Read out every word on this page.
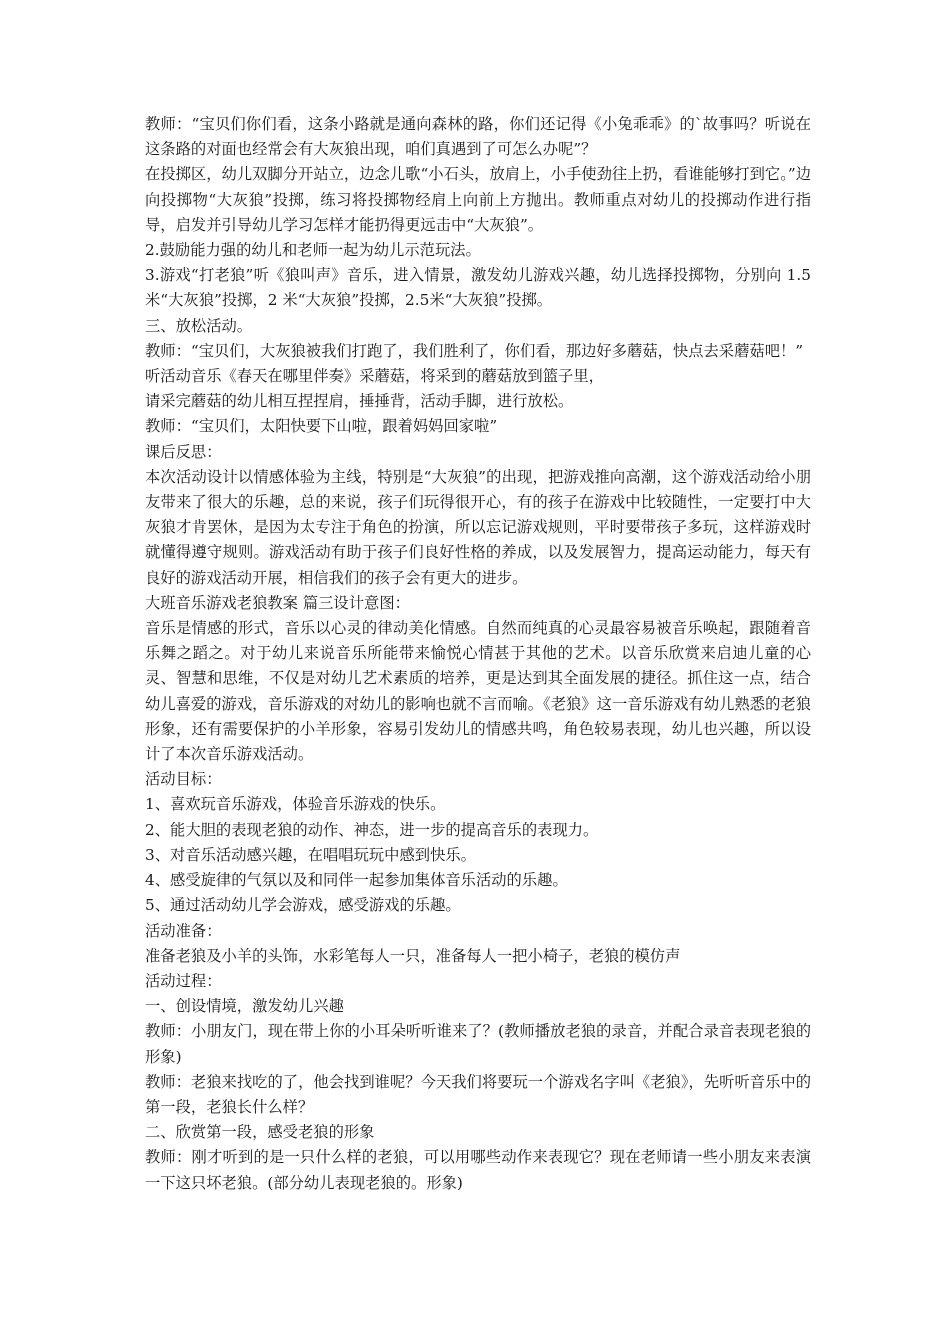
教师：“宝贝们你们看，这条小路就是通向森林的路，你们还记得《小兔乖乖》的`故事吗？听说在这条路的对面也经常会有大灰狼出现，咱们真遇到了可怎么办呢”？

在投掷区，幼儿双脚分开站立，边念儿歌“小石头，放肩上，小手使劲往上扔，看谁能够打到它。”边向投掷物“大灰狼”投掷，练习将投掷物经肩上向前上方抛出。教师重点对幼儿的投掷动作进行指导，启发并引导幼儿学习怎样才能扔得更远击中“大灰狼”。

2.鼓励能力强的幼儿和老师一起为幼儿示范玩法。

3.游戏“打老狼”听《狼叫声》音乐，进入情景，激发幼儿游戏兴趣，幼儿选择投掷物，分别向 1.5米“大灰狼”投掷，2 米“大灰狼”投掷，2.5米“大灰狼”投掷。

三、放松活动。

教师：“宝贝们，大灰狼被我们打跑了，我们胜利了，你们看，那边好多蘑菇，快点去采蘑菇吧！”

听活动音乐《春天在哪里伴奏》采蘑菇，将采到的蘑菇放到篮子里，

请采完蘑菇的幼儿相互捏捏肩，捶捶背，活动手脚，进行放松。

教师：“宝贝们，太阳快要下山啦，跟着妈妈回家啦”

课后反思：

本次活动设计以情感体验为主线，特别是“大灰狼”的出现，把游戏推向高潮，这个游戏活动给小朋友带来了很大的乐趣，总的来说，孩子们玩得很开心，有的孩子在游戏中比较随性，一定要打中大灰狼才肯罢休，是因为太专注于角色的扮演，所以忘记游戏规则，平时要带孩子多玩，这样游戏时就懂得遵守规则。游戏活动有助于孩子们良好性格的养成，以及发展智力，提高运动能力，每天有良好的游戏活动开展，相信我们的孩子会有更大的进步。

大班音乐游戏老狼教案 篇三设计意图：

音乐是情感的形式，音乐以心灵的律动美化情感。自然而纯真的心灵最容易被音乐唤起，跟随着音乐舞之蹈之。对于幼儿来说音乐所能带来愉悦心情甚于其他的艺术。以音乐欣赏来启迪儿童的心灵、智慧和思维，不仅是对幼儿艺术素质的培养，更是达到其全面发展的捷径。抓住这一点，结合幼儿喜爱的游戏，音乐游戏的对幼儿的影响也就不言而喻。《老狼》这一音乐游戏有幼儿熟悉的老狼形象，还有需要保护的小羊形象，容易引发幼儿的情感共鸣，角色较易表现，幼儿也兴趣，所以设计了本次音乐游戏活动。

活动目标：

1、喜欢玩音乐游戏，体验音乐游戏的快乐。

2、能大胆的表现老狼的动作、神态，进一步的提高音乐的表现力。

3、对音乐活动感兴趣，在唱唱玩玩中感到快乐。

4、感受旋律的气氛以及和同伴一起参加集体音乐活动的乐趣。

5、通过活动幼儿学会游戏，感受游戏的乐趣。

活动准备：

准备老狼及小羊的头饰，水彩笔每人一只，准备每人一把小椅子，老狼的模仿声

活动过程：

一、创设情境，激发幼儿兴趣

教师：小朋友门，现在带上你的小耳朵听听谁来了？(教师播放老狼的录音，并配合录音表现老狼的形象)

教师：老狼来找吃的了，他会找到谁呢？今天我们将要玩一个游戏名字叫《老狼》，先听听音乐中的第一段，老狼长什么样？

二、欣赏第一段，感受老狼的形象

教师：刚才听到的是一只什么样的老狼，可以用哪些动作来表现它？现在老师请一些小朋友来表演一下这只坏老狼。(部分幼儿表现老狼的。形象)
